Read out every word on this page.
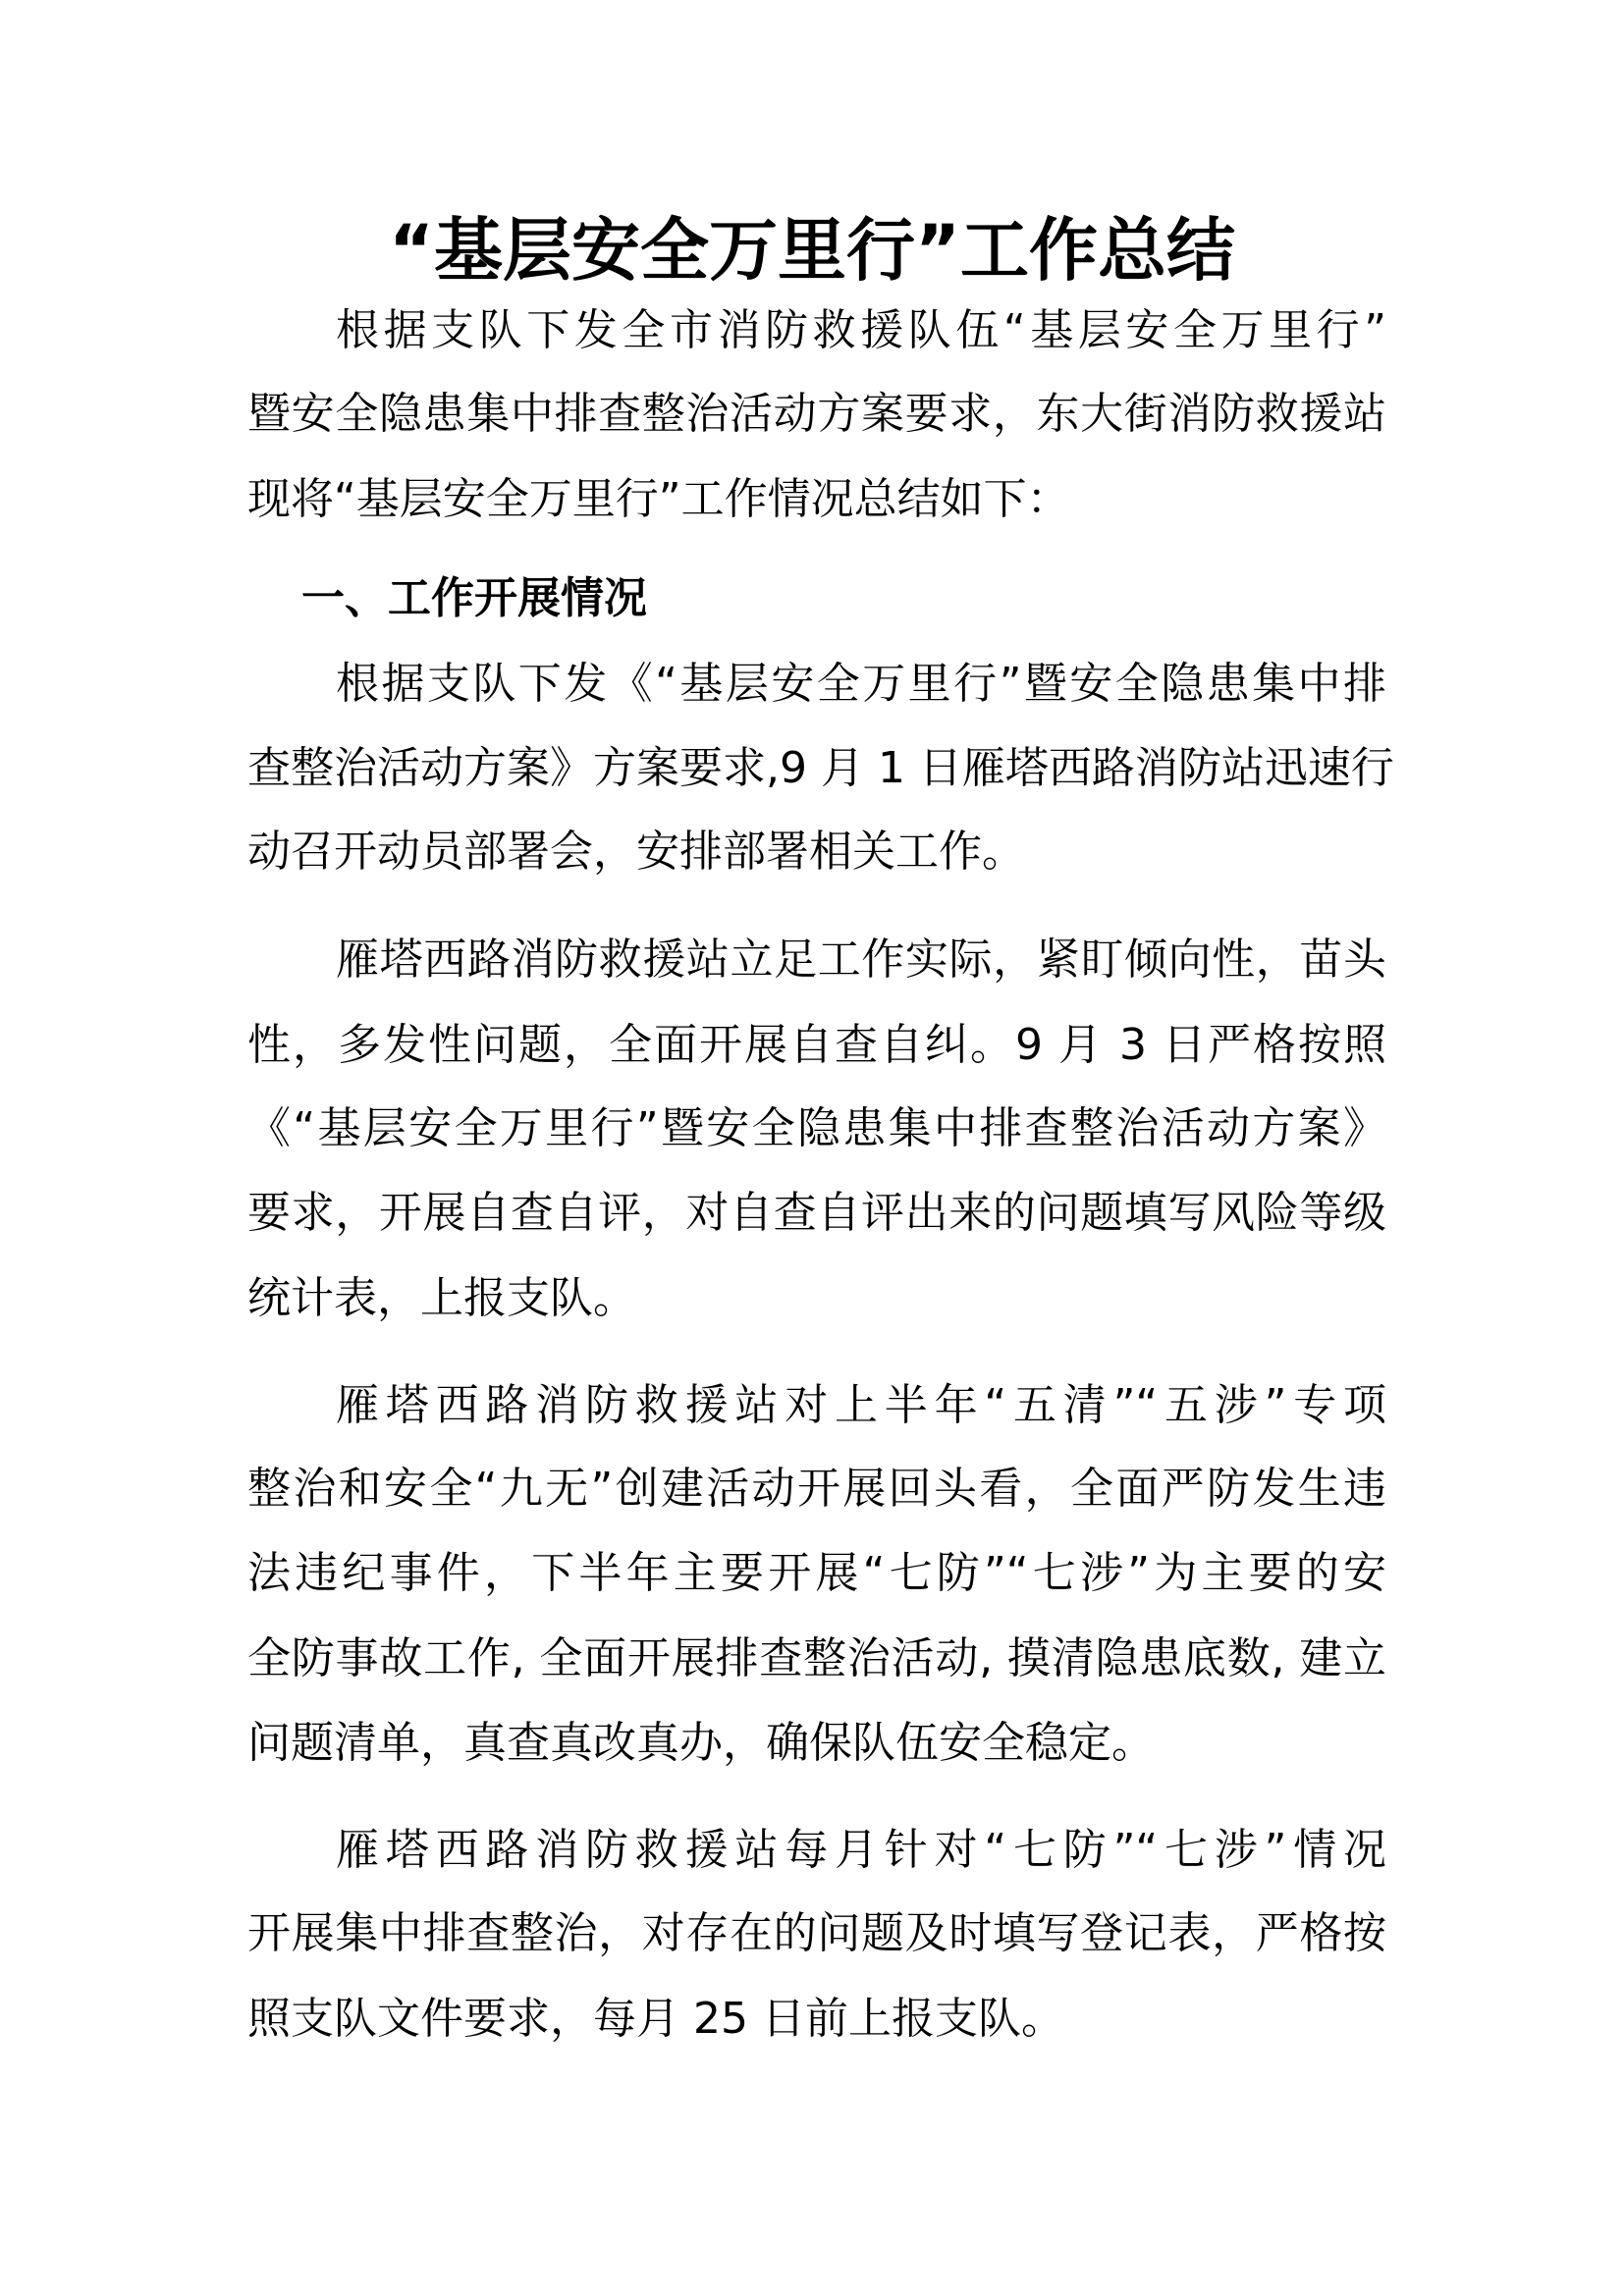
“基层安全万里行”工作总结

根据支队下发全市消防救援队伍“基层安全万里行”

暨安全隐患集中排查整治活动方案要求，东大街消防救援站

现将“基层安全万里行”工作情况总结如下：

一、工作开展情况

根据支队下发《“基层安全万里行”暨安全隐患集中排

查整治活动方案》方案要求,9 月 1 日雁塔西路消防站迅速行

动召开动员部署会，安排部署相关工作。

雁塔西路消防救援站立足工作实际，紧盯倾向性，苗头

性，多发性问题，全面开展自查自纠。9 月 3 日严格按照

《“基层安全万里行”暨安全隐患集中排查整治活动方案》

要求，开展自查自评，对自查自评出来的问题填写风险等级

统计表，上报支队。

雁塔西路消防救援站对上半年“五清”“五涉”专项

整治和安全“九无”创建活动开展回头看，全面严防发生违

法违纪事件，下半年主要开展“七防”“七涉”为主要的安

全防事故工作, 全面开展排查整治活动, 摸清隐患底数, 建立

问题清单，真查真改真办，确保队伍安全稳定。

雁塔西路消防救援站每月针对“七防”“七涉”情况

开展集中排查整治，对存在的问题及时填写登记表，严格按

照支队文件要求，每月 25 日前上报支队。
